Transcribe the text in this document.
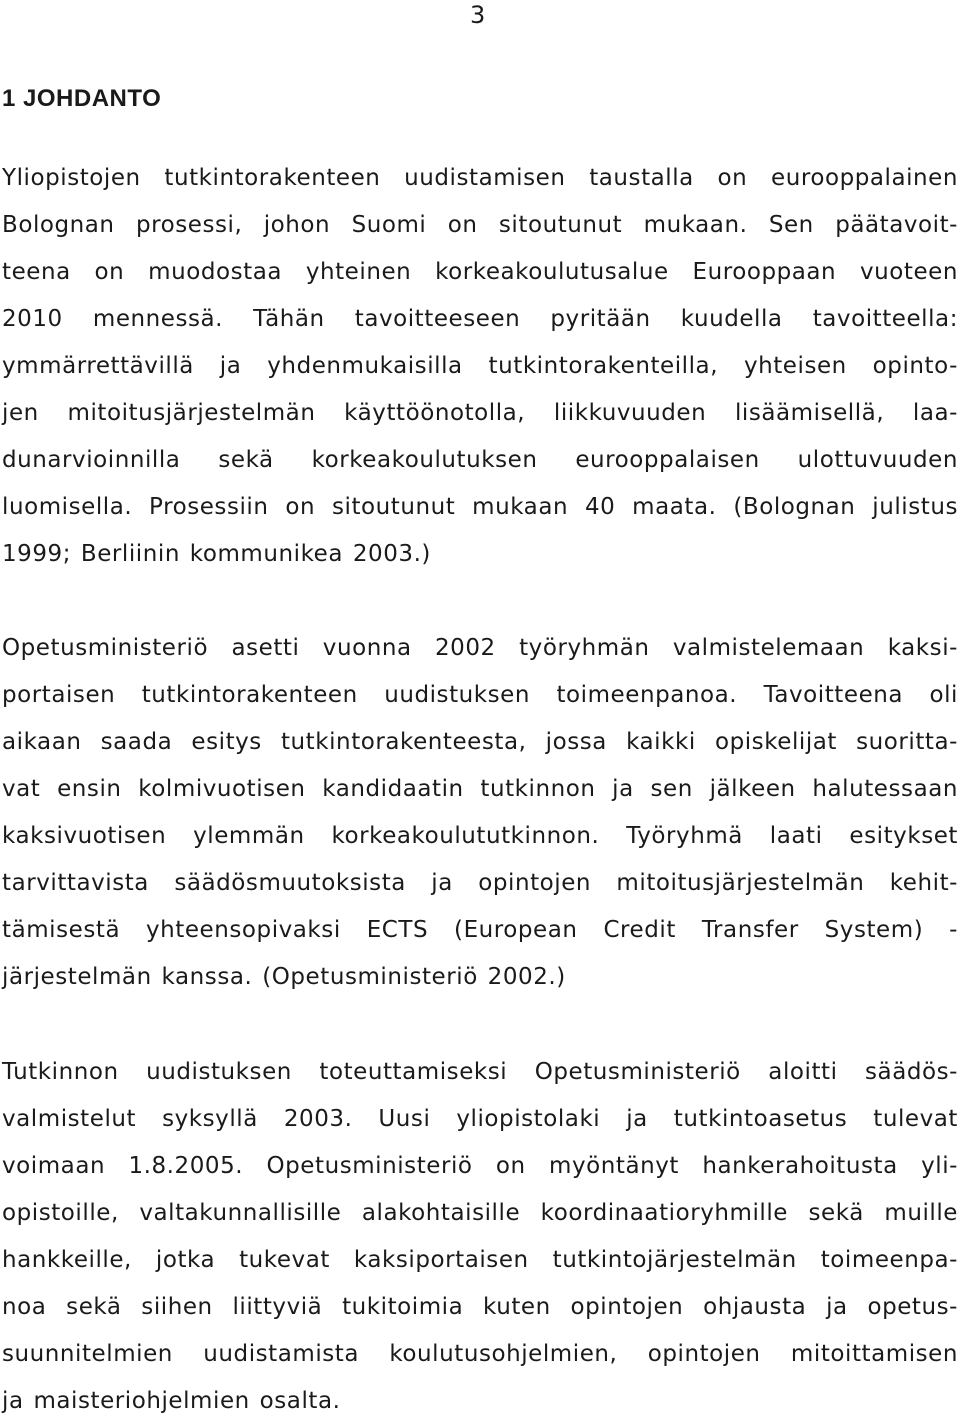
3
1 JOHDANTO
Yliopistojen tutkintorakenteen uudistamisen taustalla on eurooppalainen
Bolognan prosessi, johon Suomi on sitoutunut mukaan. Sen päätavoit-
teena on muodostaa yhteinen korkeakoulutusalue Eurooppaan vuoteen
2010 mennessä. Tähän tavoitteeseen pyritään kuudella tavoitteella:
ymmärrettävillä ja yhdenmukaisilla tutkintorakenteilla, yhteisen opinto-
jen mitoitusjärjestelmän käyttöönotolla, liikkuvuuden lisäämisellä, laa-
dunarvioinnilla sekä korkeakoulutuksen eurooppalaisen ulottuvuuden
luomisella. Prosessiin on sitoutunut mukaan 40 maata. (Bolognan julistus
1999; Berliinin kommunikea 2003.)
Opetusministeriö asetti vuonna 2002 työryhmän valmistelemaan kaksi-
portaisen tutkintorakenteen uudistuksen toimeenpanoa. Tavoitteena oli
aikaan saada esitys tutkintorakenteesta, jossa kaikki opiskelijat suoritta-
vat ensin kolmivuotisen kandidaatin tutkinnon ja sen jälkeen halutessaan
kaksivuotisen ylemmän korkeakoulututkinnon. Työryhmä laati esitykset
tarvittavista säädösmuutoksista ja opintojen mitoitusjärjestelmän kehit-
tämisestä yhteensopivaksi ECTS (European Credit Transfer System) -
järjestelmän kanssa. (Opetusministeriö 2002.)
Tutkinnon uudistuksen toteuttamiseksi Opetusministeriö aloitti säädös-
valmistelut syksyllä 2003. Uusi yliopistolaki ja tutkintoasetus tulevat
voimaan 1.8.2005. Opetusministeriö on myöntänyt hankerahoitusta yli-
opistoille, valtakunnallisille alakohtaisille koordinaatioryhmille sekä muille
hankkeille, jotka tukevat kaksiportaisen tutkintojärjestelmän toimeenpa-
noa sekä siihen liittyviä tukitoimia kuten opintojen ohjausta ja opetus-
suunnitelmien uudistamista koulutusohjelmien, opintojen mitoittamisen
ja maisteriohjelmien osalta.
